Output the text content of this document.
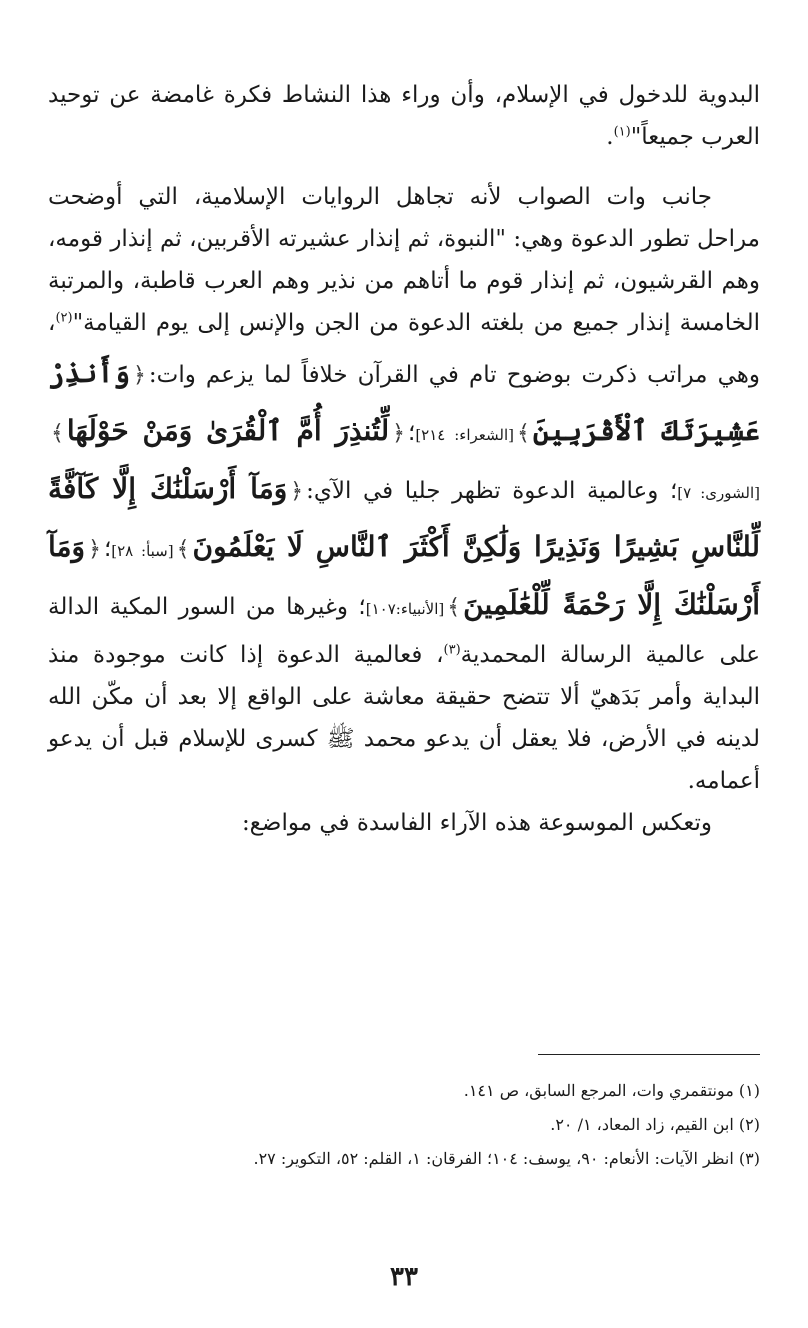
البدوية للدخول في الإسلام، وأن وراء هذا النشاط فكرة غامضة عن توحيد العرب جميعاً"$^{(١)}$.

جانب وات الصواب لأنه تجاهل الروايات الإسلامية، التي أوضحت مراحل تطور الدعوة وهي: "النبوة، ثم إنذار عشيرته الأقربين، ثم إنذار قومه، وهم القرشيون، ثم إنذار قوم ما أتاهم من نذير وهم العرب قاطبة، والمرتبة الخامسة إنذار جميع من بلغته الدعوة من الجن والإنس إلى يوم القيامة"$^{(٢)}$، وهي مراتب ذكرت بوضوح تام في القرآن خلافاً لما يزعم وات:﴿وَأَنذِرْ عَشِيرَتَكَ ٱلْأَقْرَبِينَ﴾[الشعراء: ٢١٤]؛﴿لِّتُنذِرَ أُمَّ ٱلْقُرَىٰ وَمَنْ حَوْلَهَا﴾[الشورى: ٧]؛ وعالمية الدعوة تظهر جليا في الآي:﴿وَمَآ أَرْسَلْنَٰكَ إِلَّا كَآفَّةً لِّلنَّاسِ بَشِيرًا وَنَذِيرًا وَلَٰكِنَّ أَكْثَرَ ٱلنَّاسِ لَا يَعْلَمُونَ﴾[سبأ: ٢٨]؛﴿وَمَآ أَرْسَلْنَٰكَ إِلَّا رَحْمَةً لِّلْعَٰلَمِينَ﴾[الأنبياء:١٠٧]؛ وغيرها من السور المكية الدالة على عالمية الرسالة المحمدية$^{(٣)}$، فعالمية الدعوة إذا كانت موجودة منذ البداية وأمر بَدَهيّ ألا تتضح حقيقة معاشة على الواقع إلا بعد أن مكّن الله لدينه في الأرض، فلا يعقل أن يدعو محمد ﷺ كسرى للإسلام قبل أن يدعو أعمامه.

وتعكس الموسوعة هذه الآراء الفاسدة في مواضع:

(١) مونتقمري وات، المرجع السابق، ص ١٤١.

(٢) ابن القيم، زاد المعاد، ١/ ٢٠.

(٣) انظر الآيات: الأنعام: ٩٠، يوسف: ١٠٤؛ الفرقان: ١، القلم: ٥٢، التكوير: ٢٧.

٣٣
